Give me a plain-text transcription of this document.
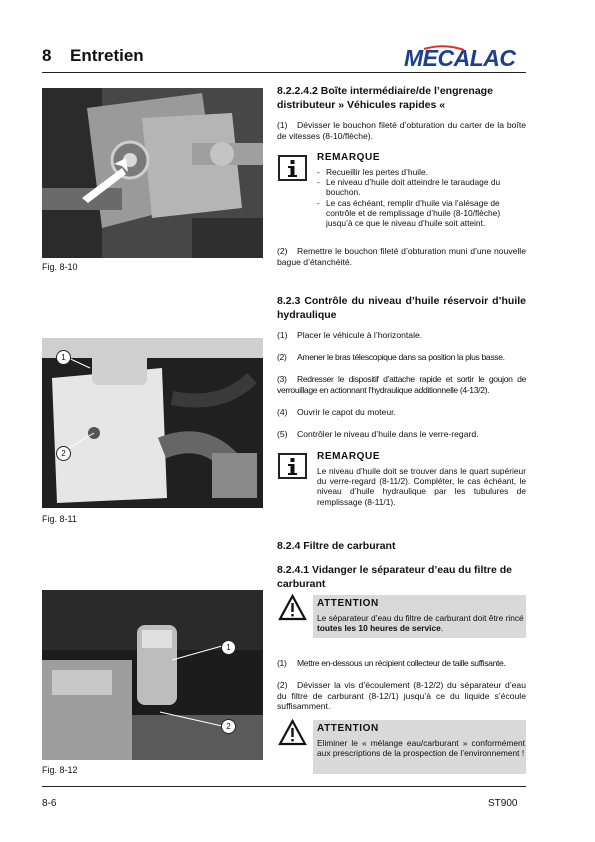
8 Entretien	MECALAC
Fig. 8-10
1
2
Fig. 8-11
1
2
Fig. 8-12
8.2.2.4.2 Boîte intermédiaire/de l’engrenage distributeur » Véhicules rapides «
(1) Dévisser le bouchon fileté d’obturation du carter de la boîte de vitesses (8-10/flèche).
REMARQUE
- Recueillir les pertes d’huile.
- Le niveau d’huile doit atteindre le taraudage du bouchon.
- Le cas échéant, remplir d’huile via l’alésage de contrôle et de remplissage d’huile (8-10/flèche) jusqu’à ce que le niveau d’huile soit atteint.
(2) Remettre le bouchon fileté d’obturation muni d’une nouvelle bague d’étanchéité.
8.2.3 Contrôle du niveau d’huile réservoir d’huile hydraulique
(1) Placer le véhicule à l’horizontale.
(2) Amener le bras télescopique dans sa position la plus basse.
(3) Redresser le dispositif d’attache rapide et sortir le goujon de verrouillage en actionnant l’hydraulique additionnelle (4-13/2).
(4) Ouvrir le capot du moteur.
(5) Contrôler le niveau d’huile dans le verre-regard.
REMARQUE
Le niveau d’huile doit se trouver dans le quart supérieur du verre-regard (8-11/2). Compléter, le cas échéant, le niveau d’huile hydraulique par les tubulures de remplissage (8-11/1).
8.2.4 Filtre de carburant
8.2.4.1 Vidanger le séparateur d’eau du filtre de carburant
ATTENTION
Le séparateur d’eau du filtre de carburant doit être rincé toutes les 10 heures de service.
(1) Mettre en-dessous un récipient collecteur de taille suffisante.
(2) Dévisser la vis d’écoulement (8-12/2) du séparateur d’eau du filtre de carburant (8-12/1) jusqu’à ce du liquide s’écoule suffisamment.
ATTENTION
Eliminer le « mélange eau/carburant » conformément aux prescriptions de la prospection de l’environnement !
8-6	ST900
